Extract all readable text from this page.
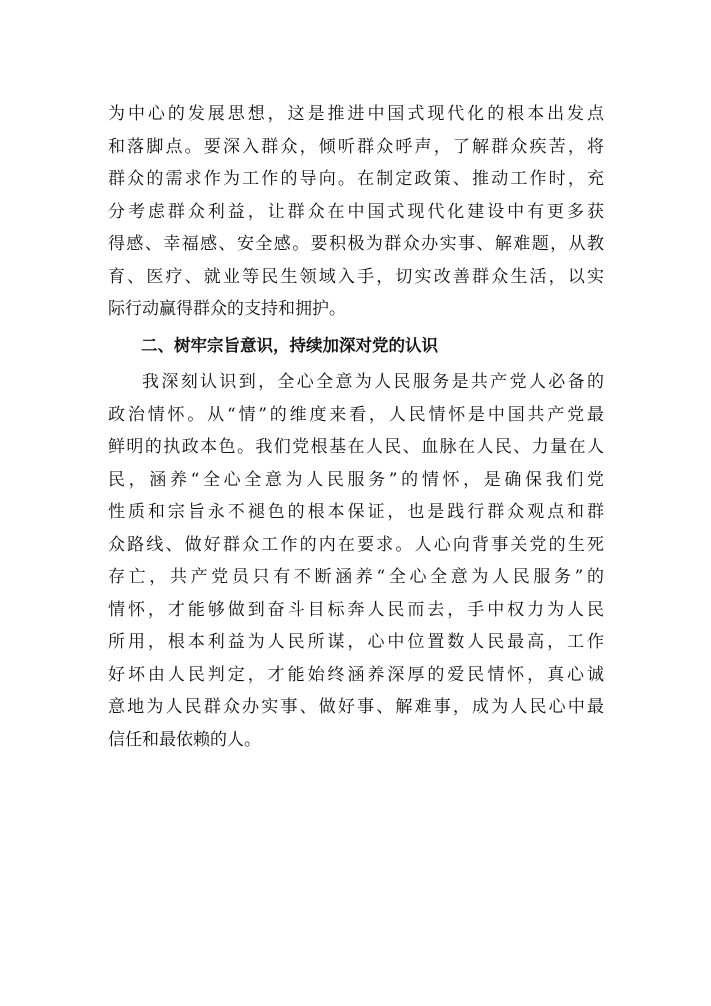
为中心的发展思想，这是推进中国式现代化的根本出发点
和落脚点。要深入群众，倾听群众呼声，了解群众疾苦，将
群众的需求作为工作的导向。在制定政策、推动工作时，充
分考虑群众利益，让群众在中国式现代化建设中有更多获
得感、幸福感、安全感。要积极为群众办实事、解难题，从教
育、医疗、就业等民生领域入手，切实改善群众生活，以实
际行动赢得群众的支持和拥护。
二、树牢宗旨意识，持续加深对党的认识
我深刻认识到，全心全意为人民服务是共产党人必备的
政治情怀。从“情”的维度来看，人民情怀是中国共产党最
鲜明的执政本色。我们党根基在人民、血脉在人民、力量在人
民，涵养“全心全意为人民服务”的情怀，是确保我们党
性质和宗旨永不褪色的根本保证，也是践行群众观点和群
众路线、做好群众工作的内在要求。人心向背事关党的生死
存亡，共产党员只有不断涵养“全心全意为人民服务”的
情怀，才能够做到奋斗目标奔人民而去，手中权力为人民
所用，根本利益为人民所谋，心中位置数人民最高，工作
好坏由人民判定，才能始终涵养深厚的爱民情怀，真心诚
意地为人民群众办实事、做好事、解难事，成为人民心中最
信任和最依赖的人。
